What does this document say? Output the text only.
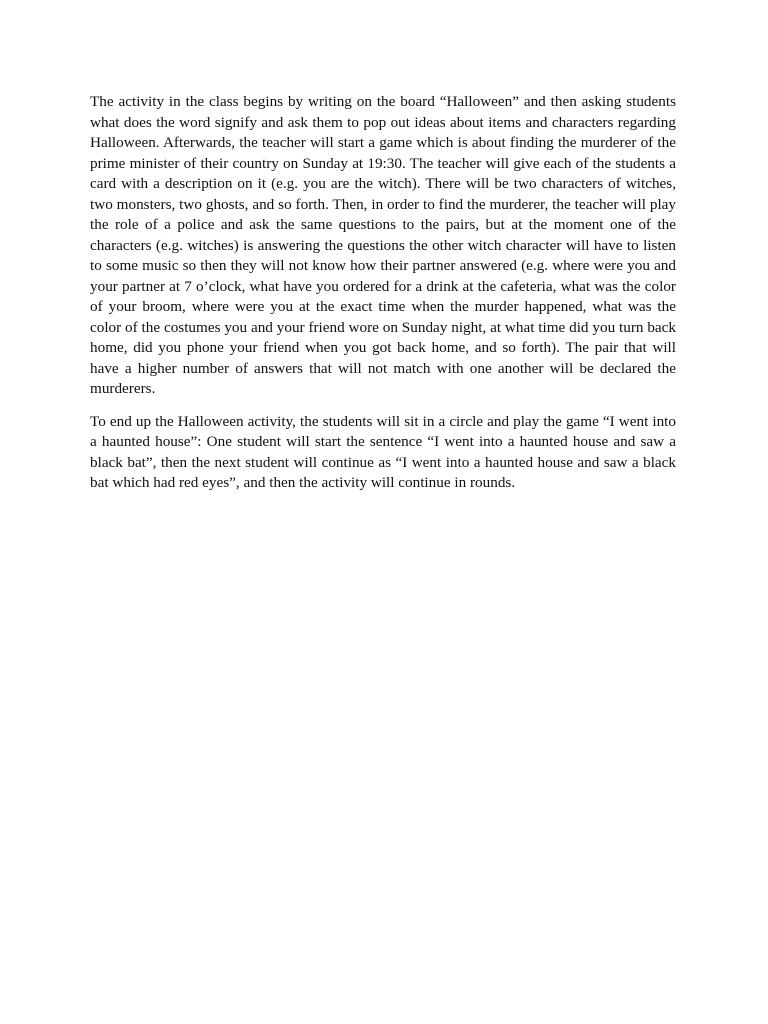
The activity in the class begins by writing on the board “Halloween” and then asking students what does the word signify and ask them to pop out ideas about items and characters regarding Halloween. Afterwards, the teacher will start a game which is about finding the murderer of the prime minister of their country on Sunday at 19:30. The teacher will give each of the students a card with a description on it (e.g. you are the witch). There will be two characters of witches, two monsters, two ghosts, and so forth. Then, in order to find the murderer, the teacher will play the role of a police and ask the same questions to the pairs, but at the moment one of the characters (e.g. witches) is answering the questions the other witch character will have to listen to some music so then they will not know how their partner answered (e.g. where were you and your partner at 7 o’clock, what have you ordered for a drink at the cafeteria, what was the color of your broom, where were you at the exact time when the murder happened, what was the color of the costumes you and your friend wore on Sunday night, at what time did you turn back home, did you phone your friend when you got back home, and so forth). The pair that will have a higher number of answers that will not match with one another will be declared the murderers.

To end up the Halloween activity, the students will sit in a circle and play the game “I went into a haunted house”: One student will start the sentence “I went into a haunted house and saw a black bat”, then the next student will continue as “I went into a haunted house and saw a black bat which had red eyes”, and then the activity will continue in rounds.
